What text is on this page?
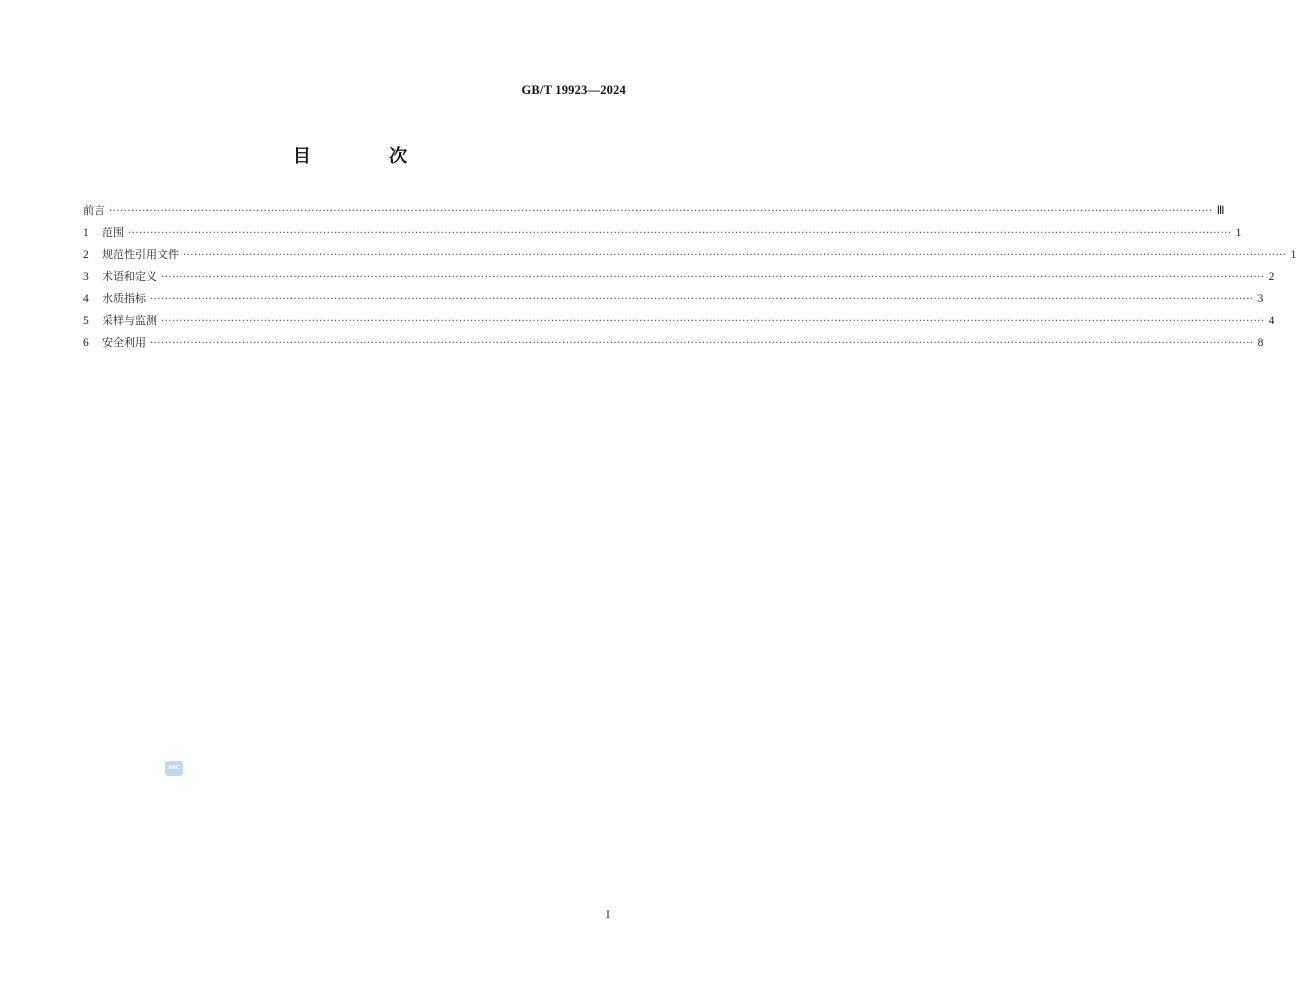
GB/T 19923—2024
目 次
前言 ············································································································································································································································································································ Ⅲ
1	范围 ············································································································································································································································································································ 1
2	规范性引用文件 ············································································································································································································································································································ 1
3	术语和定义 ············································································································································································································································································································ 2
4	水质指标 ············································································································································································································································································································ 3
5	采样与监测 ············································································································································································································································································································ 4
6	安全利用 ············································································································································································································································································································ 8
SAC
I
